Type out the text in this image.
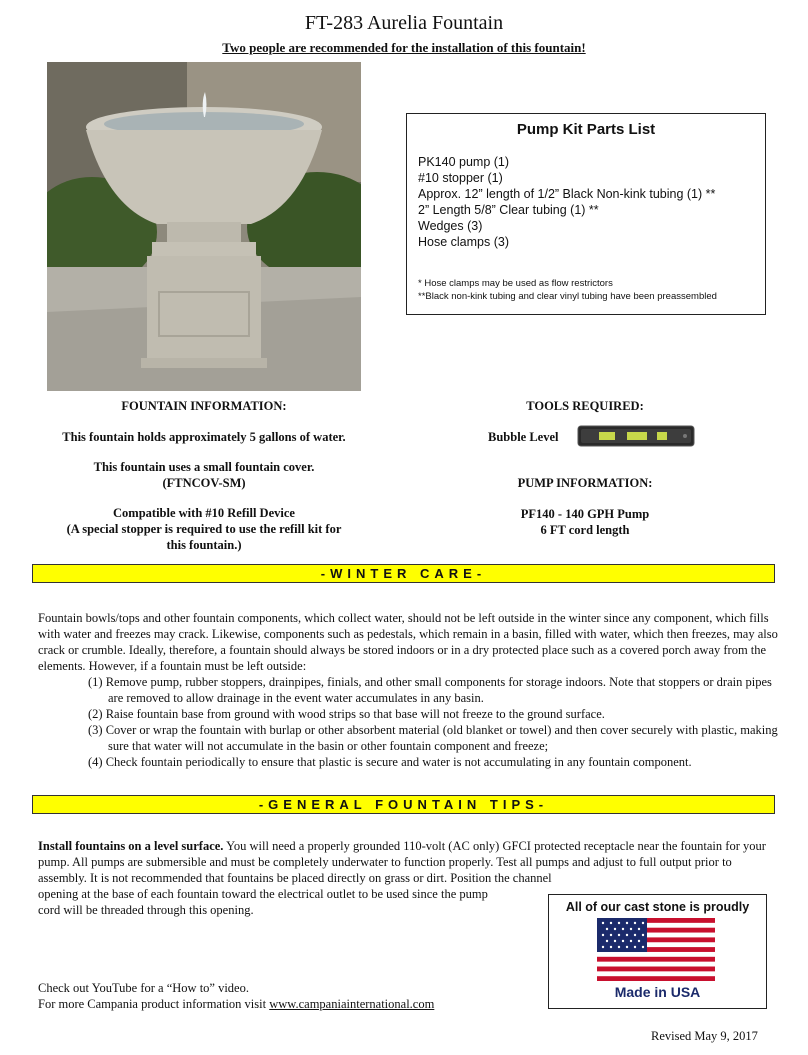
FT-283 Aurelia Fountain
Two people are recommended for the installation of this fountain!
Pump Kit Parts List
PK140 pump (1)
#10 stopper (1)
Approx. 12” length of 1/2” Black Non-kink tubing (1) **
2” Length 5/8” Clear tubing (1) **
Wedges (3)
Hose clamps (3)
* Hose clamps may be used as flow restrictors
**Black non-kink tubing and clear vinyl tubing have been preassembled
FOUNTAIN INFORMATION:
This fountain holds approximately 5 gallons of water.
This fountain uses a small fountain cover.
(FTNCOV-SM)
Compatible with #10 Refill Device
(A special stopper is required to use the refill kit for
this fountain.)
TOOLS REQUIRED:
Bubble Level
PUMP INFORMATION:
PF140 - 140 GPH Pump
6 FT cord length
-WINTER CARE-
Fountain bowls/tops and other fountain components, which collect water, should not be left outside in the winter since any component, which fills with water and freezes may crack. Likewise, components such as pedestals, which remain in a basin, filled with water, which then freezes, may also crack or crumble. Ideally, therefore, a fountain should always be stored indoors or in a dry protected place such as a covered porch away from the elements. However, if a fountain must be left outside:
(1) Remove pump, rubber stoppers, drainpipes, finials, and other small components for storage indoors. Note that stoppers or drain pipes are removed to allow drainage in the event water accumulates in any basin.
(2) Raise fountain base from ground with wood strips so that base will not freeze to the ground surface.
(3) Cover or wrap the fountain with burlap or other absorbent material (old blanket or towel) and then cover securely with plastic, making sure that water will not accumulate in the basin or other fountain component and freeze;
(4) Check fountain periodically to ensure that plastic is secure and water is not accumulating in any fountain component.
-GENERAL FOUNTAIN TIPS-
Install fountains on a level surface. You will need a properly grounded 110-volt (AC only) GFCI protected receptacle near the fountain for your pump. All pumps are submersible and must be completely underwater to function properly. Test all pumps and adjust to full output prior to assembly. It is not recommended that fountains be placed directly on grass or dirt. Position the channel
opening at the base of each fountain toward the electrical outlet to be used since the pump
cord will be threaded through this opening.	All of our cast stone is proudly
Made in USA
Check out YouTube for a “How to” video.
For more Campania product information visit www.campaniainternational.com
Revised May 9, 2017
